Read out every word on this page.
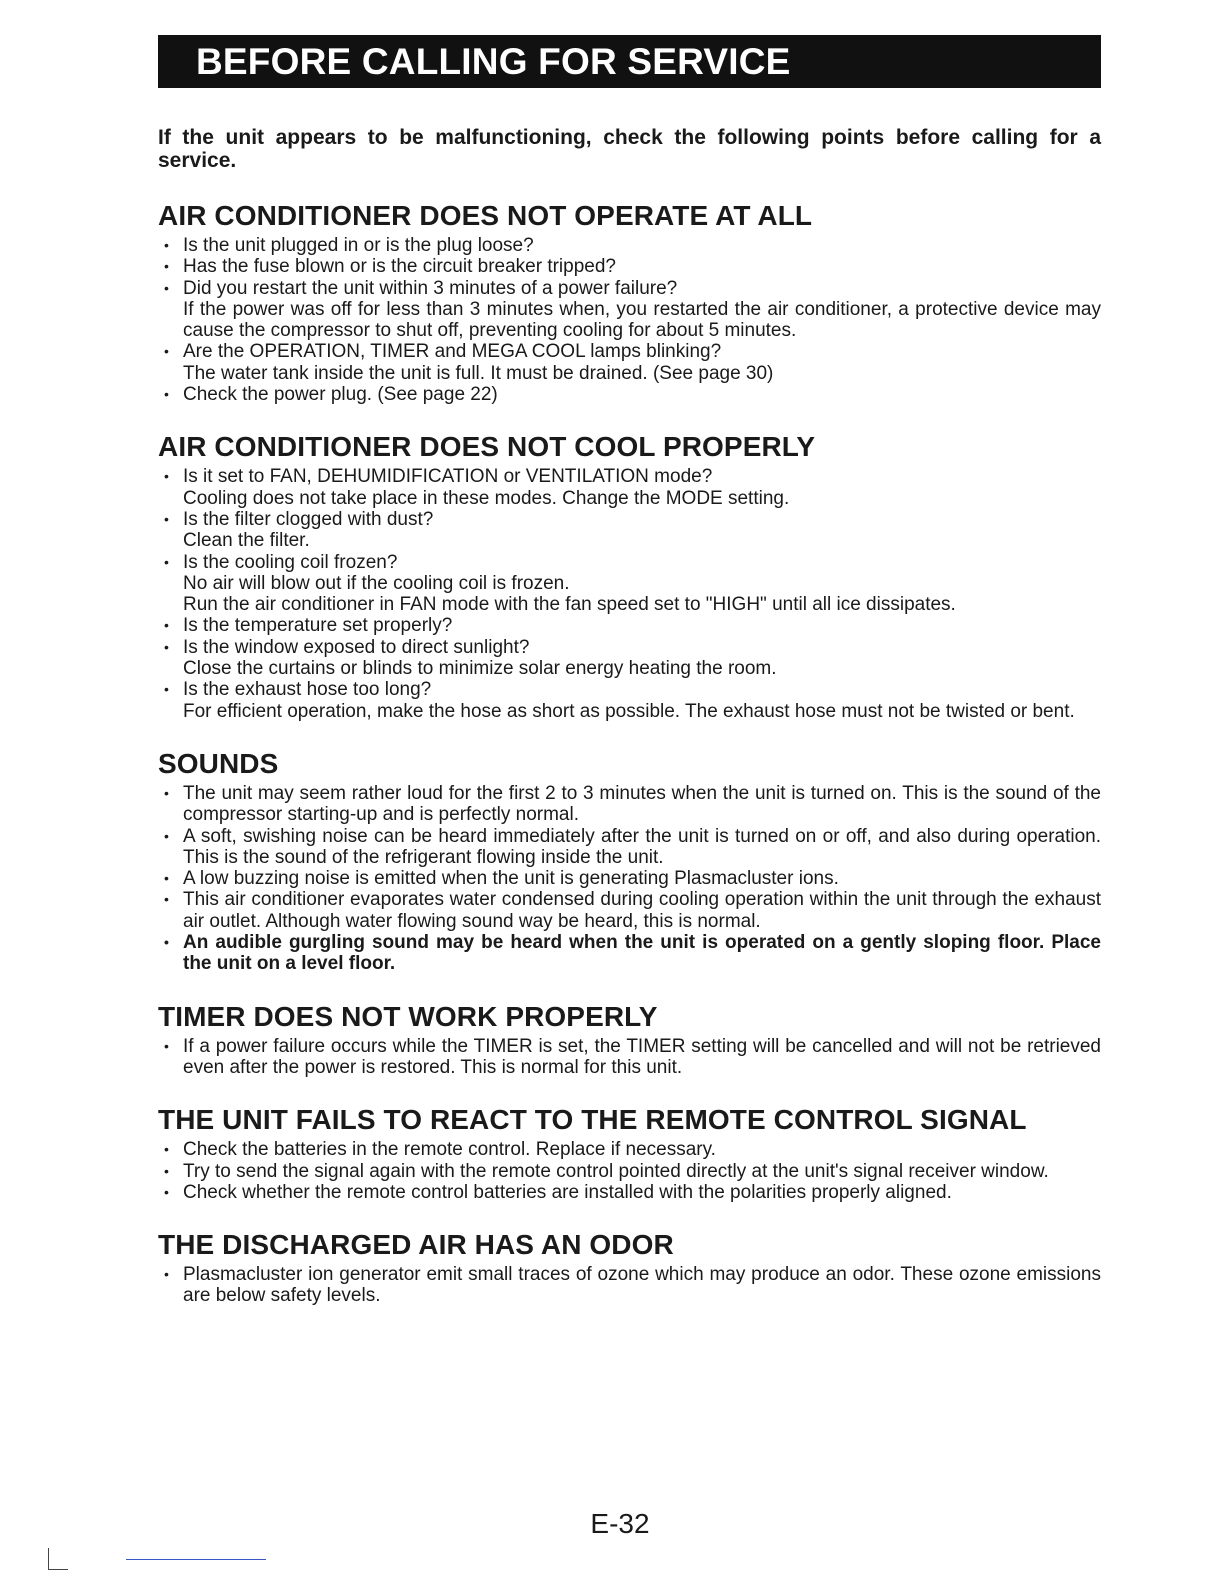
BEFORE CALLING FOR SERVICE
If the unit appears to be malfunctioning, check the following points before calling for a service.
AIR CONDITIONER DOES NOT OPERATE AT ALL
• Is the unit plugged in or is the plug loose?
• Has the fuse blown or is the circuit breaker tripped?
• Did you restart the unit within 3 minutes of a power failure?
If the power was off for less than 3 minutes when, you restarted the air conditioner, a protective device may cause the compressor to shut off, preventing cooling for about 5 minutes.
• Are the OPERATION, TIMER and MEGA COOL lamps blinking?
The water tank inside the unit is full. It must be drained. (See page 30)
• Check the power plug. (See page 22)
AIR CONDITIONER DOES NOT COOL PROPERLY
• Is it set to FAN, DEHUMIDIFICATION or VENTILATION mode?
Cooling does not take place in these modes. Change the MODE setting.
• Is the filter clogged with dust?
Clean the filter.
• Is the cooling coil frozen?
No air will blow out if the cooling coil is frozen.
Run the air conditioner in FAN mode with the fan speed set to "HIGH" until all ice dissipates.
• Is the temperature set properly?
• Is the window exposed to direct sunlight?
Close the curtains or blinds to minimize solar energy heating the room.
• Is the exhaust hose too long?
For efficient operation, make the hose as short as possible. The exhaust hose must not be twisted or bent.
SOUNDS
• The unit may seem rather loud for the first 2 to 3 minutes when the unit is turned on. This is the sound of the compressor starting-up and is perfectly normal.
• A soft, swishing noise can be heard immediately after the unit is turned on or off, and also during operation. This is the sound of the refrigerant flowing inside the unit.
• A low buzzing noise is emitted when the unit is generating Plasmacluster ions.
• This air conditioner evaporates water condensed during cooling operation within the unit through the exhaust air outlet. Although water flowing sound way be heard, this is normal.
• An audible gurgling sound may be heard when the unit is operated on a gently sloping floor. Place the unit on a level floor.
TIMER DOES NOT WORK PROPERLY
• If a power failure occurs while the TIMER is set, the TIMER setting will be cancelled and will not be retrieved even after the power is restored. This is normal for this unit.
THE UNIT FAILS TO REACT TO THE REMOTE CONTROL SIGNAL
• Check the batteries in the remote control. Replace if necessary.
• Try to send the signal again with the remote control pointed directly at the unit's signal receiver window.
• Check whether the remote control batteries are installed with the polarities properly aligned.
THE DISCHARGED AIR HAS AN ODOR
• Plasmacluster ion generator emit small traces of ozone which may produce an odor. These ozone emissions are below safety levels.
E-32
